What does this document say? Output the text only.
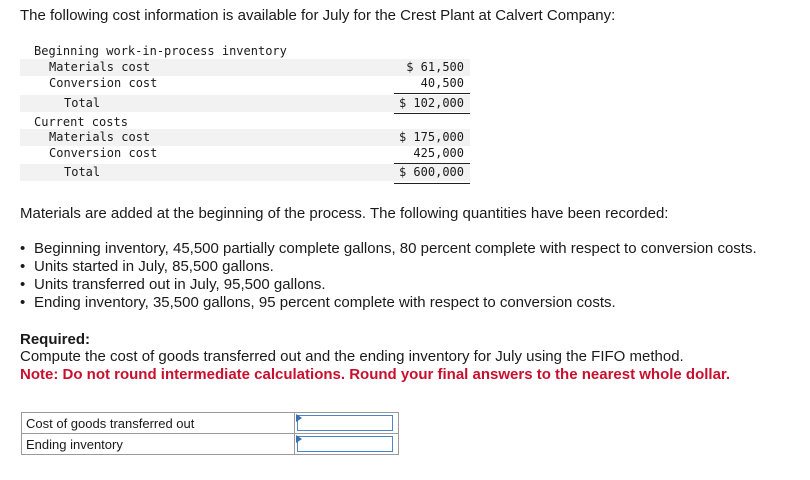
The following cost information is available for July for the Crest Plant at Calvert Company:

Beginning work-in-process inventory
Materials cost	$ 61,500
Conversion cost	40,500
Total	$ 102,000
Current costs
Materials cost	$ 175,000
Conversion cost	425,000
Total	$ 600,000

Materials are added at the beginning of the process. The following quantities have been recorded:

• Beginning inventory, 45,500 partially complete gallons, 80 percent complete with respect to conversion costs.
• Units started in July, 85,500 gallons.
• Units transferred out in July, 95,500 gallons.
• Ending inventory, 35,500 gallons, 95 percent complete with respect to conversion costs.

Required:

Compute the cost of goods transferred out and the ending inventory for July using the FIFO method.

Note: Do not round intermediate calculations. Round your final answers to the nearest whole dollar.

Cost of goods transferred out	

Ending inventory	
